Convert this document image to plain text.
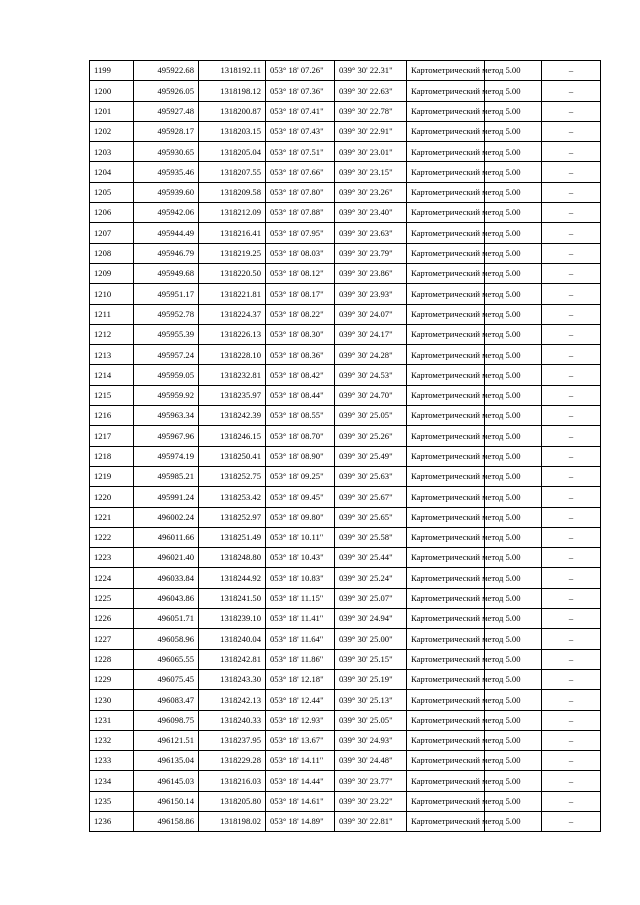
1199	495922.68	1318192.11	053° 18' 07.26"	039° 30' 22.31"	Картометрический метод	5.00	–
1200	495926.05	1318198.12	053° 18' 07.36"	039° 30' 22.63"	Картометрический метод	5.00	–
1201	495927.48	1318200.87	053° 18' 07.41"	039° 30' 22.78"	Картометрический метод	5.00	–
1202	495928.17	1318203.15	053° 18' 07.43"	039° 30' 22.91"	Картометрический метод	5.00	–
1203	495930.65	1318205.04	053° 18' 07.51"	039° 30' 23.01"	Картометрический метод	5.00	–
1204	495935.46	1318207.55	053° 18' 07.66"	039° 30' 23.15"	Картометрический метод	5.00	–
1205	495939.60	1318209.58	053° 18' 07.80"	039° 30' 23.26"	Картометрический метод	5.00	–
1206	495942.06	1318212.09	053° 18' 07.88"	039° 30' 23.40"	Картометрический метод	5.00	–
1207	495944.49	1318216.41	053° 18' 07.95"	039° 30' 23.63"	Картометрический метод	5.00	–
1208	495946.79	1318219.25	053° 18' 08.03"	039° 30' 23.79"	Картометрический метод	5.00	–
1209	495949.68	1318220.50	053° 18' 08.12"	039° 30' 23.86"	Картометрический метод	5.00	–
1210	495951.17	1318221.81	053° 18' 08.17"	039° 30' 23.93"	Картометрический метод	5.00	–
1211	495952.78	1318224.37	053° 18' 08.22"	039° 30' 24.07"	Картометрический метод	5.00	–
1212	495955.39	1318226.13	053° 18' 08.30"	039° 30' 24.17"	Картометрический метод	5.00	–
1213	495957.24	1318228.10	053° 18' 08.36"	039° 30' 24.28"	Картометрический метод	5.00	–
1214	495959.05	1318232.81	053° 18' 08.42"	039° 30' 24.53"	Картометрический метод	5.00	–
1215	495959.92	1318235.97	053° 18' 08.44"	039° 30' 24.70"	Картометрический метод	5.00	–
1216	495963.34	1318242.39	053° 18' 08.55"	039° 30' 25.05"	Картометрический метод	5.00	–
1217	495967.96	1318246.15	053° 18' 08.70"	039° 30' 25.26"	Картометрический метод	5.00	–
1218	495974.19	1318250.41	053° 18' 08.90"	039° 30' 25.49"	Картометрический метод	5.00	–
1219	495985.21	1318252.75	053° 18' 09.25"	039° 30' 25.63"	Картометрический метод	5.00	–
1220	495991.24	1318253.42	053° 18' 09.45"	039° 30' 25.67"	Картометрический метод	5.00	–
1221	496002.24	1318252.97	053° 18' 09.80"	039° 30' 25.65"	Картометрический метод	5.00	–
1222	496011.66	1318251.49	053° 18' 10.11"	039° 30' 25.58"	Картометрический метод	5.00	–
1223	496021.40	1318248.80	053° 18' 10.43"	039° 30' 25.44"	Картометрический метод	5.00	–
1224	496033.84	1318244.92	053° 18' 10.83"	039° 30' 25.24"	Картометрический метод	5.00	–
1225	496043.86	1318241.50	053° 18' 11.15"	039° 30' 25.07"	Картометрический метод	5.00	–
1226	496051.71	1318239.10	053° 18' 11.41"	039° 30' 24.94"	Картометрический метод	5.00	–
1227	496058.96	1318240.04	053° 18' 11.64"	039° 30' 25.00"	Картометрический метод	5.00	–
1228	496065.55	1318242.81	053° 18' 11.86"	039° 30' 25.15"	Картометрический метод	5.00	–
1229	496075.45	1318243.30	053° 18' 12.18"	039° 30' 25.19"	Картометрический метод	5.00	–
1230	496083.47	1318242.13	053° 18' 12.44"	039° 30' 25.13"	Картометрический метод	5.00	–
1231	496098.75	1318240.33	053° 18' 12.93"	039° 30' 25.05"	Картометрический метод	5.00	–
1232	496121.51	1318237.95	053° 18' 13.67"	039° 30' 24.93"	Картометрический метод	5.00	–
1233	496135.04	1318229.28	053° 18' 14.11"	039° 30' 24.48"	Картометрический метод	5.00	–
1234	496145.03	1318216.03	053° 18' 14.44"	039° 30' 23.77"	Картометрический метод	5.00	–
1235	496150.14	1318205.80	053° 18' 14.61"	039° 30' 23.22"	Картометрический метод	5.00	–
1236	496158.86	1318198.02	053° 18' 14.89"	039° 30' 22.81"	Картометрический метод	5.00	–
